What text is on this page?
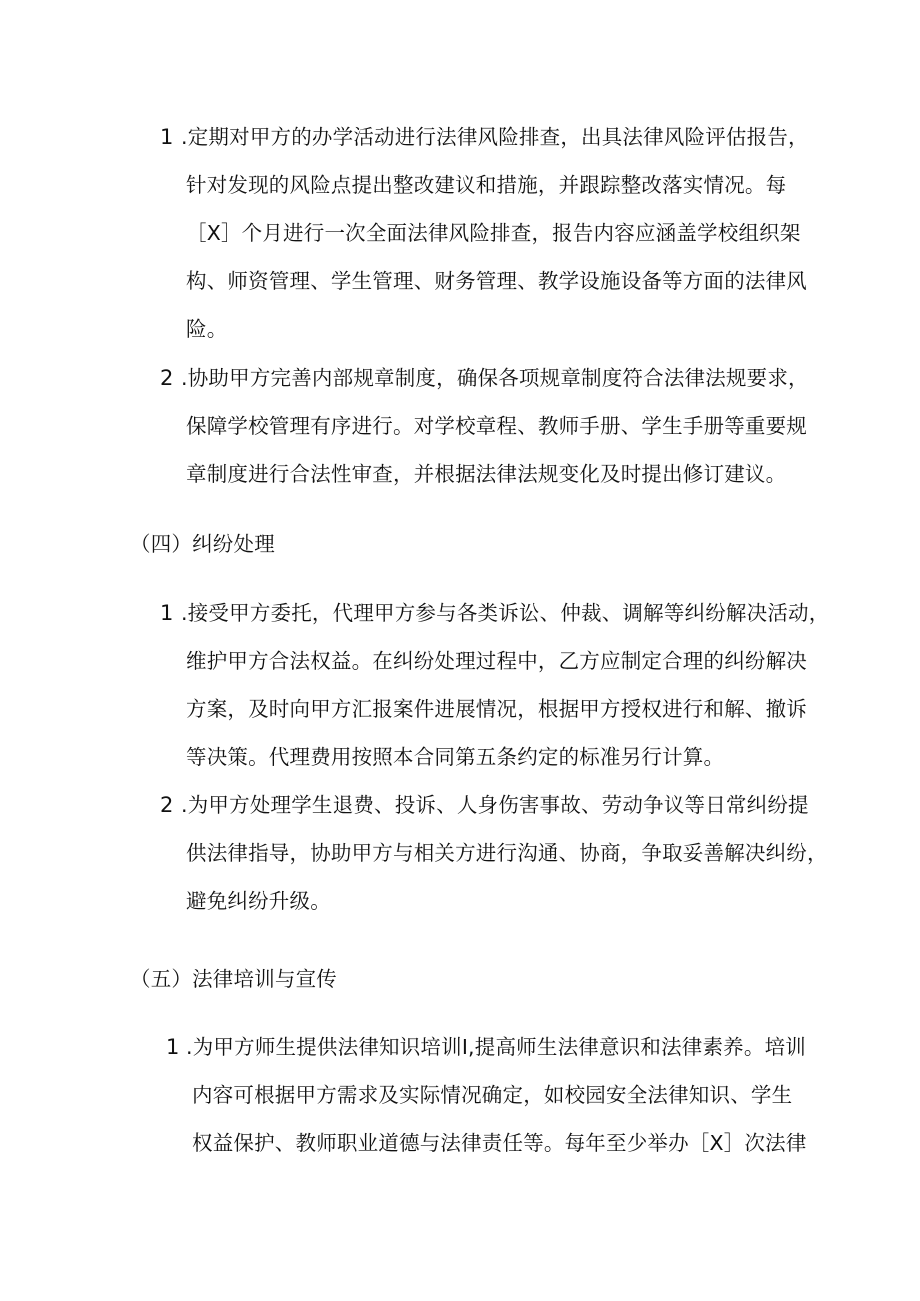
1 .定期对甲方的办学活动进行法律风险排查，出具法律风险评估报告，
针对发现的风险点提出整改建议和措施，并跟踪整改落实情况。每
［X］个月进行一次全面法律风险排查，报告内容应涵盖学校组织架
构、师资管理、学生管理、财务管理、教学设施设备等方面的法律风
险。
2 .协助甲方完善内部规章制度，确保各项规章制度符合法律法规要求，
保障学校管理有序进行。对学校章程、教师手册、学生手册等重要规
章制度进行合法性审查，并根据法律法规变化及时提出修订建议。
（四）纠纷处理
1 .接受甲方委托，代理甲方参与各类诉讼、仲裁、调解等纠纷解决活动，
维护甲方合法权益。在纠纷处理过程中，乙方应制定合理的纠纷解决
方案，及时向甲方汇报案件进展情况，根据甲方授权进行和解、撤诉
等决策。代理费用按照本合同第五条约定的标准另行计算。
2 .为甲方处理学生退费、投诉、人身伤害事故、劳动争议等日常纠纷提
供法律指导，协助甲方与相关方进行沟通、协商，争取妥善解决纠纷，
避免纠纷升级。
（五）法律培训与宣传
1 .为甲方师生提供法律知识培训I,提高师生法律意识和法律素养。培训
内容可根据甲方需求及实际情况确定，如校园安全法律知识、学生
权益保护、教师职业道德与法律责任等。每年至少举办［X］次法律
